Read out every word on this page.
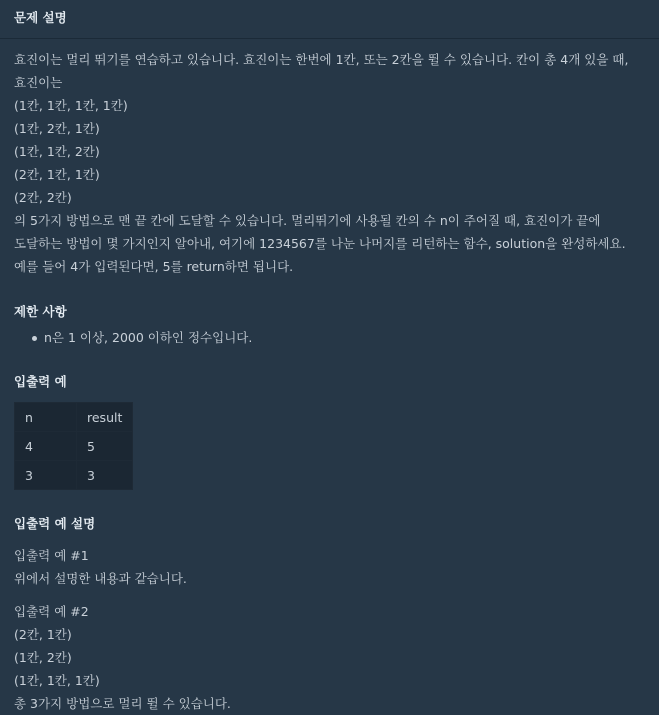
문제 설명

효진이는 멀리 뛰기를 연습하고 있습니다. 효진이는 한번에 1칸, 또는 2칸을 뛸 수 있습니다. 칸이 총 4개 있을 때, 효진이는

(1칸, 1칸, 1칸, 1칸)

(1칸, 2칸, 1칸)

(1칸, 1칸, 2칸)

(2칸, 1칸, 1칸)

(2칸, 2칸)

의 5가지 방법으로 맨 끝 칸에 도달할 수 있습니다. 멀리뛰기에 사용될 칸의 수 n이 주어질 때, 효진이가 끝에 도달하는 방법이 몇 가지인지 알아내, 여기에 1234567를 나눈 나머지를 리턴하는 함수, solution을 완성하세요. 예를 들어 4가 입력된다면, 5를 return하면 됩니다.

제한 사항
n은 1 이상, 2000 이하인 정수입니다.
입출력 예
n	result
4	5
3	3
입출력 예 설명

입출력 예 #1

위에서 설명한 내용과 같습니다.

입출력 예 #2

(2칸, 1칸)

(1칸, 2칸)

(1칸, 1칸, 1칸)

총 3가지 방법으로 멀리 뛸 수 있습니다.
